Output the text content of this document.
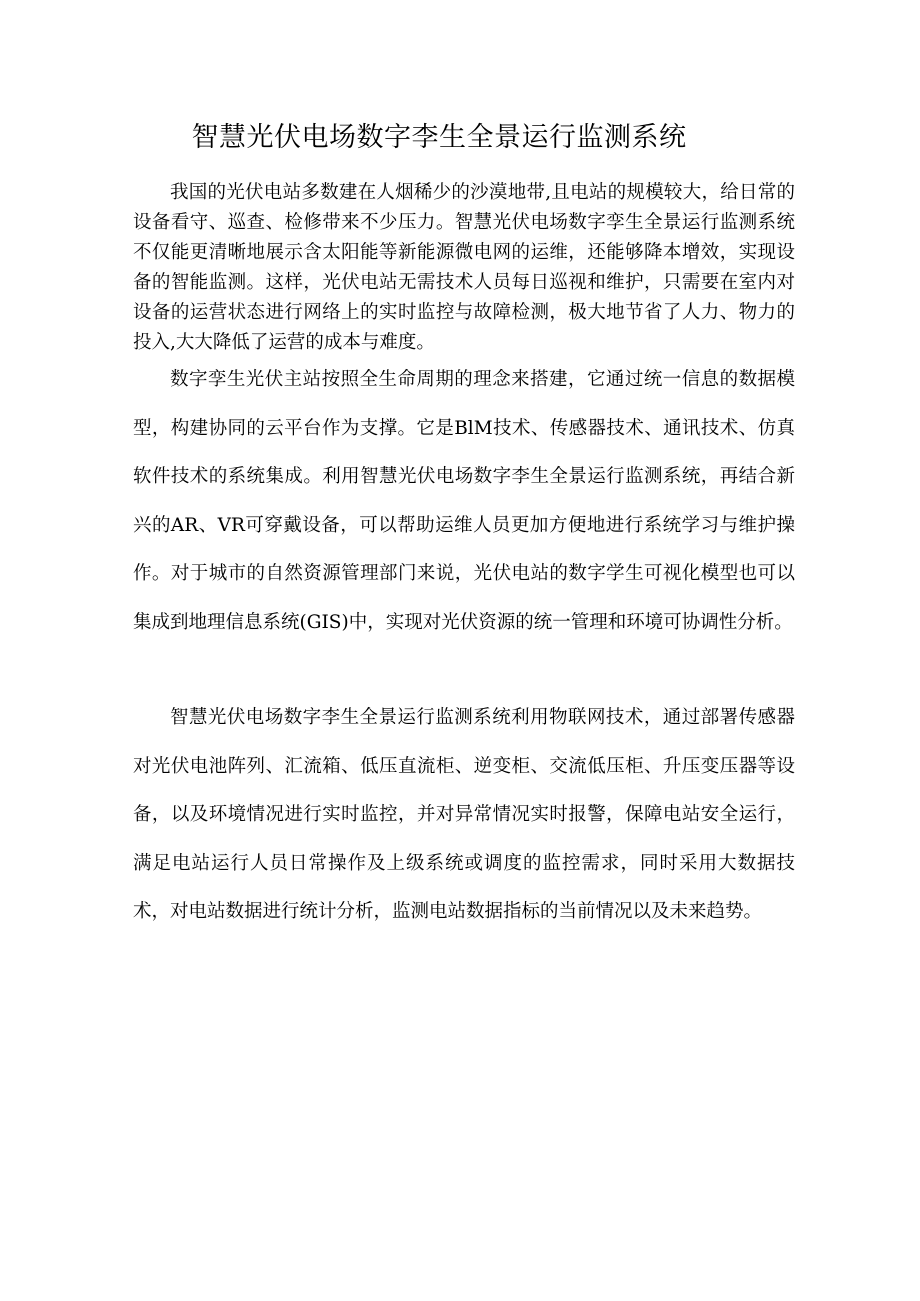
智慧光伏电场数字李生全景运行监测系统

我国的光伏电站多数建在人烟稀少的沙漠地带,且电站的规模较大，给日常的设备看守、巡查、检修带来不少压力。智慧光伏电场数字孪生全景运行监测系统不仅能更清晰地展示含太阳能等新能源微电网的运维，还能够降本增效，实现设备的智能监测。这样，光伏电站无需技术人员每日巡视和维护，只需要在室内对设备的运营状态进行网络上的实时监控与故障检测，极大地节省了人力、物力的投入,大大降低了运营的成本与难度。

数字孪生光伏主站按照全生命周期的理念来搭建，它通过统一信息的数据模型，构建协同的云平台作为支撑。它是BlM技术、传感器技术、通讯技术、仿真软件技术的系统集成。利用智慧光伏电场数字李生全景运行监测系统，再结合新兴的AR、VR可穿戴设备，可以帮助运维人员更加方便地进行系统学习与维护操作。对于城市的自然资源管理部门来说，光伏电站的数字学生可视化模型也可以集成到地理信息系统(GIS)中，实现对光伏资源的统一管理和环境可协调性分析。

智慧光伏电场数字李生全景运行监测系统利用物联网技术，通过部署传感器对光伏电池阵列、汇流箱、低压直流柜、逆变柜、交流低压柜、升压变压器等设备，以及环境情况进行实时监控，并对异常情况实时报警，保障电站安全运行，满足电站运行人员日常操作及上级系统或调度的监控需求，同时采用大数据技术，对电站数据进行统计分析，监测电站数据指标的当前情况以及未来趋势。
